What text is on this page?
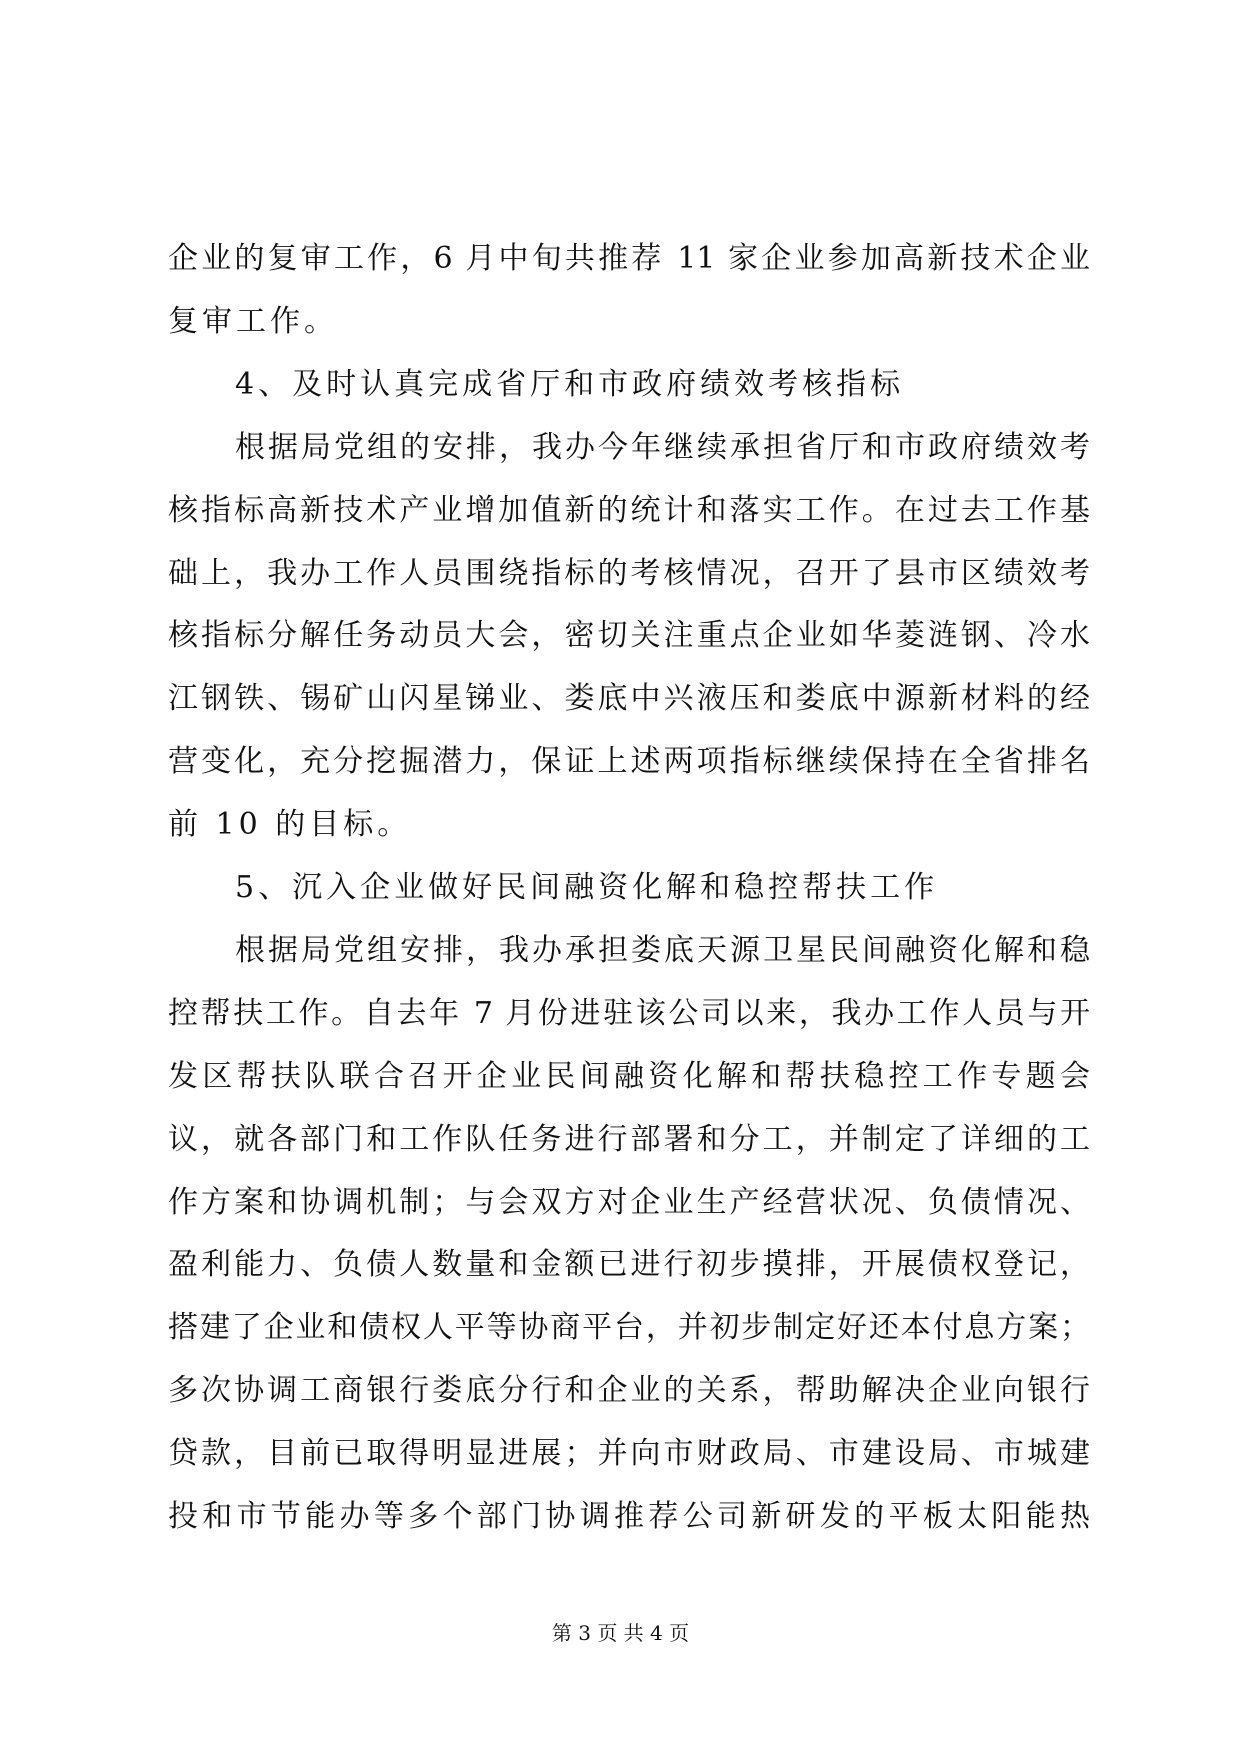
企业的复审工作，6 月中旬共推荐 11 家企业参加高新技术企业
复审工作。
4、及时认真完成省厅和市政府绩效考核指标
根据局党组的安排，我办今年继续承担省厅和市政府绩效考
核指标高新技术产业增加值新的统计和落实工作。在过去工作基
础上，我办工作人员围绕指标的考核情况，召开了县市区绩效考
核指标分解任务动员大会，密切关注重点企业如华菱涟钢、冷水
江钢铁、锡矿山闪星锑业、娄底中兴液压和娄底中源新材料的经
营变化，充分挖掘潜力，保证上述两项指标继续保持在全省排名
前 10 的目标。
5、沉入企业做好民间融资化解和稳控帮扶工作
根据局党组安排，我办承担娄底天源卫星民间融资化解和稳
控帮扶工作。自去年 7 月份进驻该公司以来，我办工作人员与开
发区帮扶队联合召开企业民间融资化解和帮扶稳控工作专题会
议，就各部门和工作队任务进行部署和分工，并制定了详细的工
作方案和协调机制；与会双方对企业生产经营状况、负债情况、
盈利能力、负债人数量和金额已进行初步摸排，开展债权登记，
搭建了企业和债权人平等协商平台，并初步制定好还本付息方案；
多次协调工商银行娄底分行和企业的关系，帮助解决企业向银行
贷款，目前已取得明显进展；并向市财政局、市建设局、市城建
投和市节能办等多个部门协调推荐公司新研发的平板太阳能热
第 3 页 共 4 页
